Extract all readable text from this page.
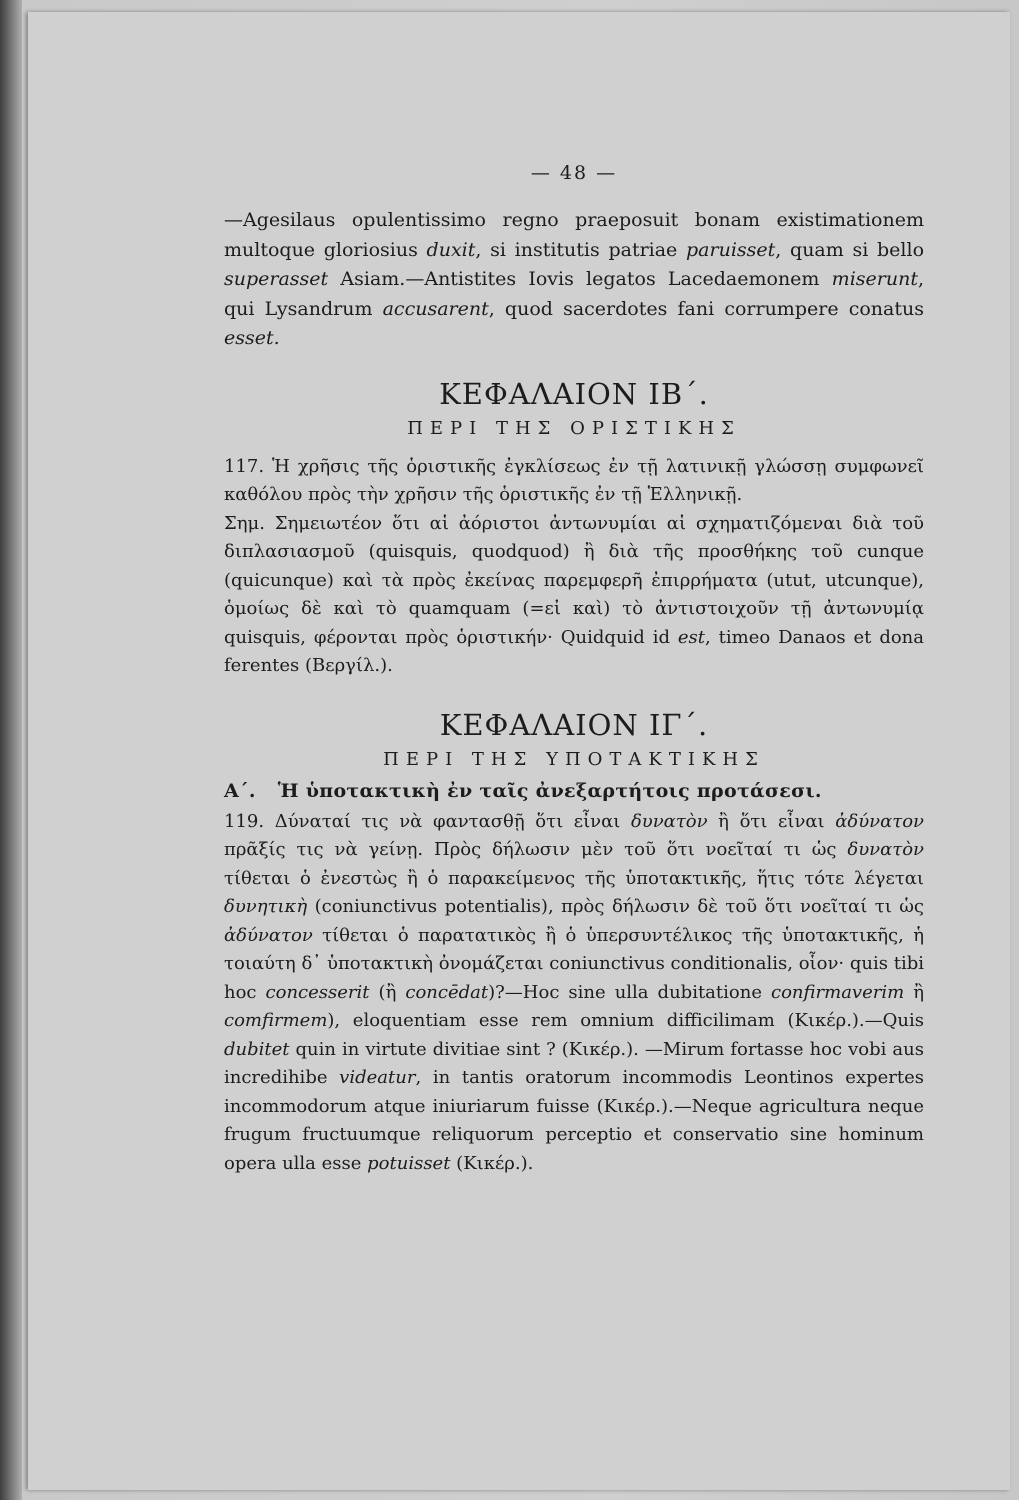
— 48 —

—Agesilaus opulentissimo regno praeposuit bonam existimationem multoque gloriosius duxit, si institutis patriae paruisset, quam si bello superasset Asiam.—Antistites Iovis legatos Lacedaemonem miserunt, qui Lysandrum accusarent, quod sacerdotes fani corrumpere conatus esset.

ΚΕΦΑΛΑΙΟΝ ΙΒ΄.
ΠΕΡΙ ΤΗΣ ΟΡΙΣΤΙΚΗΣ

117. Ἡ χρῆσις τῆς ὁριστικῆς ἐγκλίσεως ἐν τῇ λατινικῇ γλώσσῃ συμφωνεῖ καθόλου πρὸς τὴν χρῆσιν τῆς ὁριστικῆς ἐν τῇ Ἑλληνικῇ.

Σημ. Σημειωτέον ὅτι αἱ ἀόριστοι ἀντωνυμίαι αἱ σχηματιζόμεναι διὰ τοῦ διπλασιασμοῦ (quisquis, quodquod) ἢ διὰ τῆς προσθήκης τοῦ cunque (quicunque) καὶ τὰ πρὸς ἐκείνας παρεμφερῆ ἐπιρρήματα (utut, utcunque), ὁμοίως δὲ καὶ τὸ quamquam (=εἰ καὶ) τὸ ἀντιστοιχοῦν τῇ ἀντωνυμίᾳ quisquis, φέρονται πρὸς ὁριστικήν· Quidquid id est, timeo Danaos et dona ferentes (Βεργίλ.).

ΚΕΦΑΛΑΙΟΝ ΙΓ΄.
ΠΕΡΙ ΤΗΣ ΥΠΟΤΑΚΤΙΚΗΣ
Α΄. Ἡ ὑποτακτικὴ ἐν ταῖς ἀνεξαρτήτοις προτάσεσι.

119. Δύναταί τις νὰ φαντασθῇ ὅτι εἶναι δυνατὸν ἢ ὅτι εἶναι ἀδύνατον πρᾶξίς τις νὰ γείνῃ. Πρὸς δήλωσιν μὲν τοῦ ὅτι νοεῖταί τι ὡς δυνατὸν τίθεται ὁ ἐνεστὼς ἢ ὁ παρακείμενος τῆς ὑποτακτικῆς, ἥτις τότε λέγεται δυνητικὴ (coniunctivus potentialis), πρὸς δήλωσιν δὲ τοῦ ὅτι νοεῖταί τι ὡς ἀδύνατον τίθεται ὁ παρατατικὸς ἢ ὁ ὑπερσυντέλικος τῆς ὑποτακτικῆς, ἡ τοιαύτη δ᾽ ὑποτακτικὴ ὀνομάζεται coniunctivus conditionalis, οἷον· quis tibi hoc concesserit (ἢ concēdat)?—Hoc sine ulla dubitatione confirmaverim ἢ comfirmem), eloquentiam esse rem omnium difficilimam (Κικέρ.).—Quis dubitet quin in virtute divitiae sint ? (Κικέρ.). —Mirum fortasse hoc vobi aus incredihibe videatur, in tantis oratorum incommodis Leontinos expertes incommodorum atque iniuriarum fuisse (Κικέρ.).—Neque agricultura neque frugum fructuumque reliquorum perceptio et conservatio sine hominum opera ulla esse potuisset (Κικέρ.).
